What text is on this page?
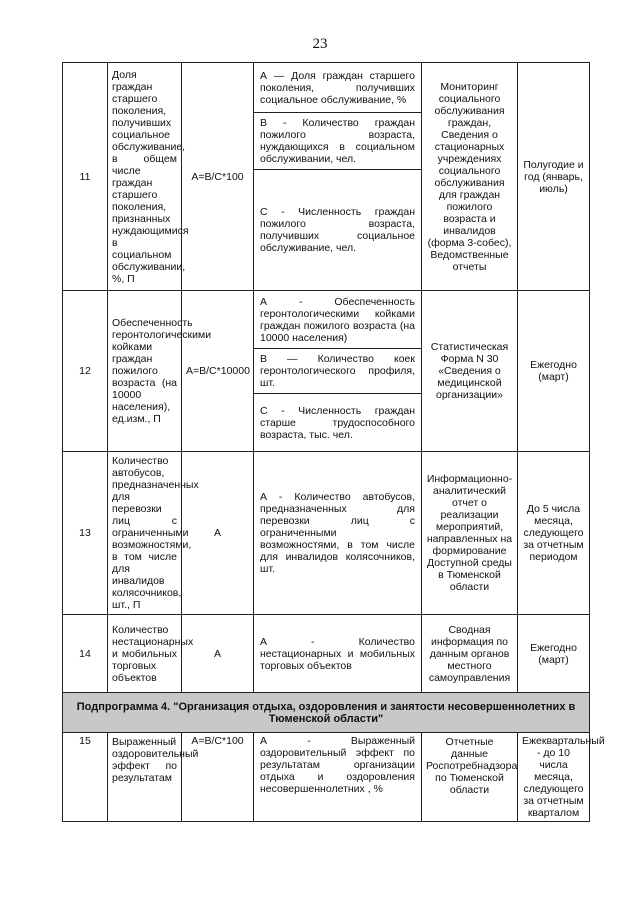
23
11	Доля граждан старшего поколения, получивших социальное обслуживание, в общем числе граждан старшего поколения, признанных нуждающимися в социальном обслуживании, %, П	A=B/C*100	А — Доля граждан старшего поколения, получивших социальное обслуживание, %	Мониторинг социального обслуживания граждан, Сведения о стационарных учреждениях социального обслуживания для граждан пожилого возраста и инвалидов (форма 3-собес), Ведомственные отчеты	Полугодие и год (январь, июль)
			В - Количество граждан пожилого возраста, нуждающихся в социальном обслуживании, чел.		
			С - Численность граждан пожилого возраста, получивших социальное обслуживание, чел.		
12	Обеспеченность геронтологическими койками граждан пожилого возраста (на 10000 населения), ед.изм., П	A=B/C*10000	А - Обеспеченность геронтологическими койками граждан пожилого возраста (на 10000 населения)	Статистическая Форма N 30 «Сведения о медицинской организации»	Ежегодно (март)
			В — Количество коек геронтологического профиля, шт.		
			С - Численность граждан старше трудоспособного возраста, тыс. чел.		
13	Количество автобусов, предназначенных для перевозки лиц с ограниченными возможностями, в том числе для инвалидов колясочников, шт., П	А	А - Количество автобусов, предназначенных для перевозки лиц с ограниченными возможностями, в том числе для инвалидов колясочников, шт.	Информационно-аналитический отчет о реализации мероприятий, направленных на формирование Доступной среды в Тюменской области	До 5 числа месяца, следующего за отчетным периодом
14	Количество нестационарных и мобильных торговых объектов	А	А - Количество нестационарных и мобильных торговых объектов	Сводная информация по данным органов местного самоуправления	Ежегодно (март)
Подпрограмма 4. "Организация отдыха, оздоровления и занятости несовершеннолетних в Тюменской области"					
15	Выраженный оздоровительный эффект по результатам	A=B/C*100	А - Выраженный оздоровительный эффект по результатам организации отдыха и оздоровления несовершеннолетних , %	Отчетные данные Роспотребнадзора по Тюменской области	Ежеквартальный - до 10 числа месяца, следующего за отчетным кварталом
